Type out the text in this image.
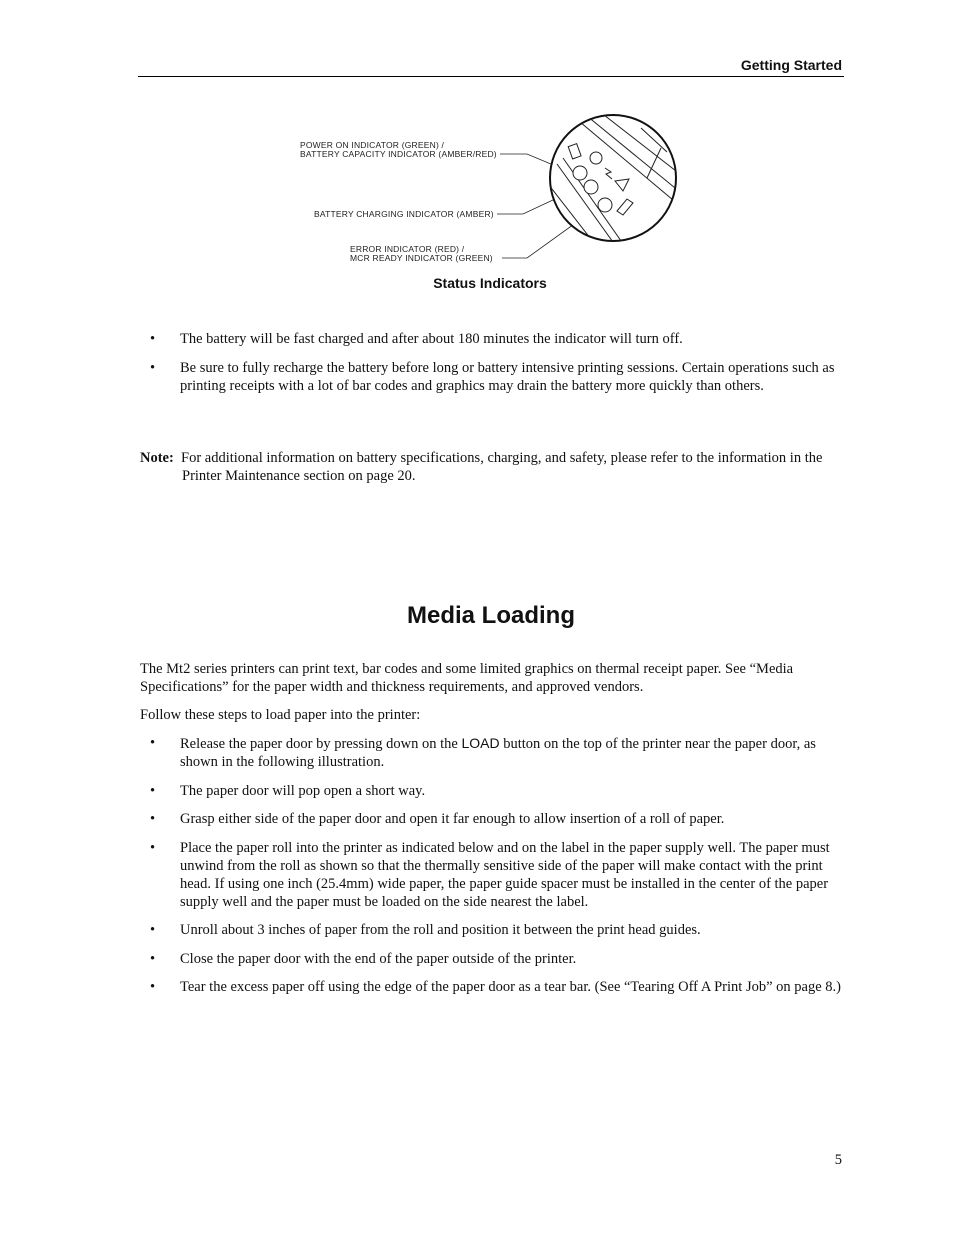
Getting Started
POWER ON INDICATOR (GREEN) /
BATTERY CAPACITY INDICATOR (AMBER/RED)
BATTERY CHARGING INDICATOR (AMBER)
ERROR INDICATOR (RED) /
MCR READY INDICATOR (GREEN)
Status Indicators
• The battery will be fast charged and after about 180 minutes the indicator will turn off.
• Be sure to fully recharge the battery before long or battery intensive printing sessions. Certain operations such as printing receipts with a lot of bar codes and graphics may drain the battery more quickly than others.
Note: For additional information on battery specifications, charging, and safety, please refer to the information in the Printer Maintenance section on page 20.
Media Loading

The Mt2 series printers can print text, bar codes and some limited graphics on thermal receipt paper. See “Media Specifications” for the paper width and thickness requirements, and approved vendors.

Follow these steps to load paper into the printer:

• Release the paper door by pressing down on the LOAD button on the top of the printer near the paper door, as shown in the following illustration.
• The paper door will pop open a short way.
• Grasp either side of the paper door and open it far enough to allow insertion of a roll of paper.
• Place the paper roll into the printer as indicated below and on the label in the paper supply well. The paper must unwind from the roll as shown so that the thermally sensitive side of the paper will make contact with the print head. If using one inch (25.4mm) wide paper, the paper guide spacer must be installed in the center of the paper supply well and the paper must be loaded on the side nearest the label.
• Unroll about 3 inches of paper from the roll and position it between the print head guides.
• Close the paper door with the end of the paper outside of the printer.
• Tear the excess paper off using the edge of the paper door as a tear bar. (See “Tearing Off A Print Job” on page 8.)
5
